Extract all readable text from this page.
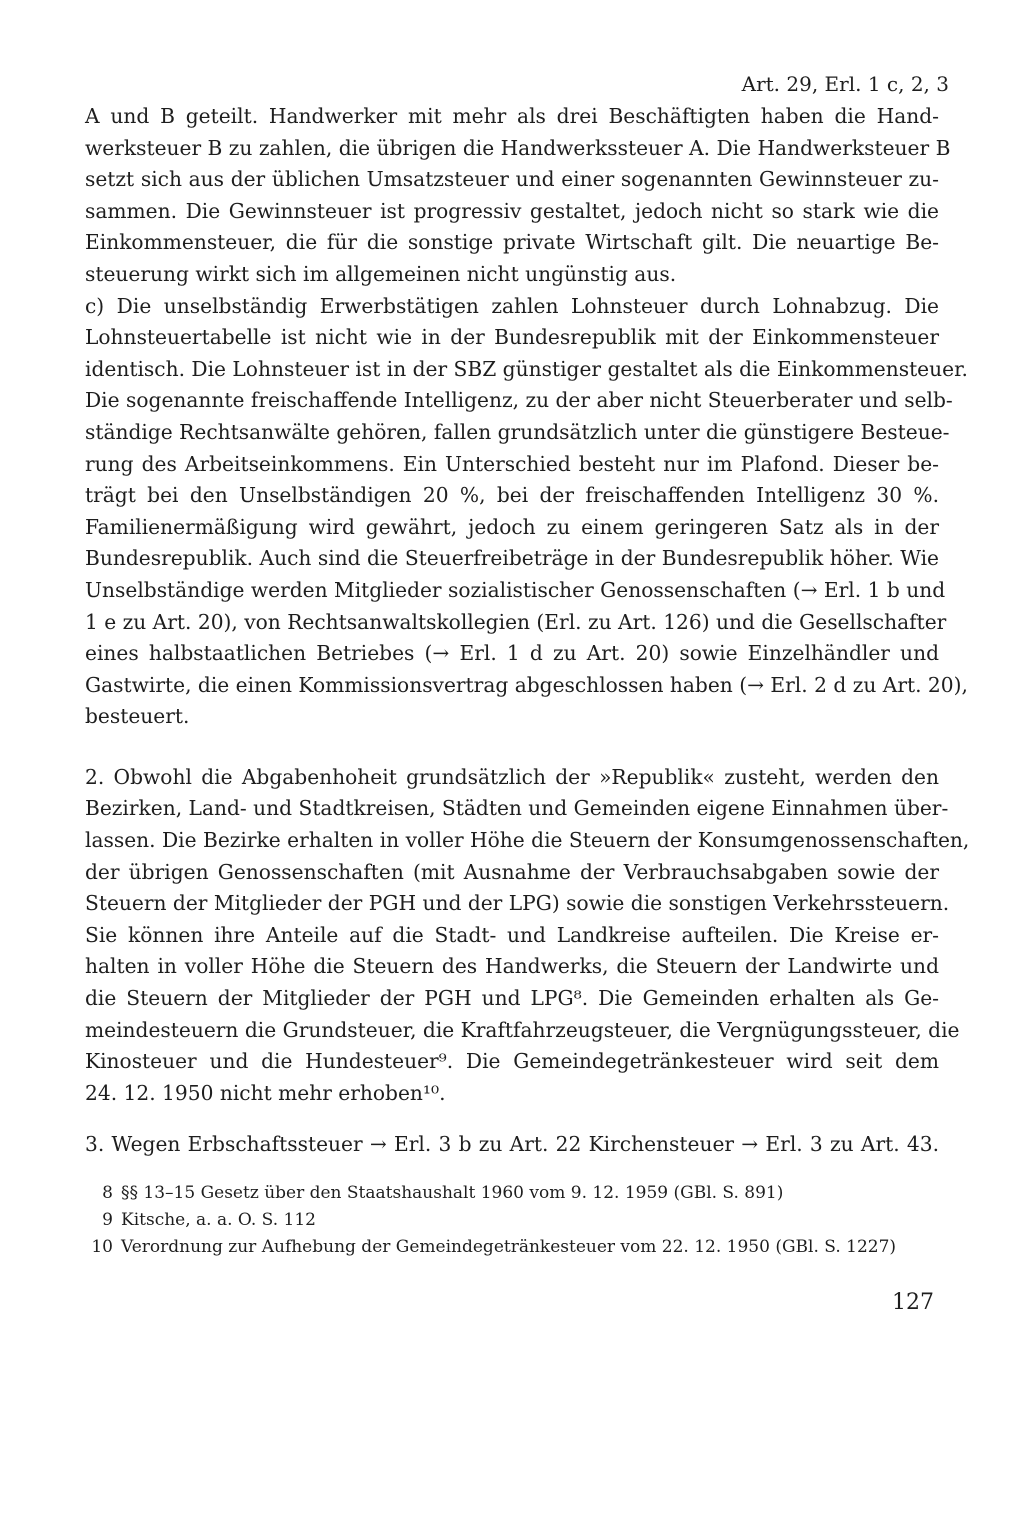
Art. 29, Erl. 1 c, 2, 3
A und B geteilt. Handwerker mit mehr als drei Beschäftigten haben die Hand-
werksteuer B zu zahlen, die übrigen die Handwerkssteuer A. Die Handwerksteuer B
setzt sich aus der üblichen Umsatzsteuer und einer sogenannten Gewinnsteuer zu-
sammen. Die Gewinnsteuer ist progressiv gestaltet, jedoch nicht so stark wie die
Einkommensteuer, die für die sonstige private Wirtschaft gilt. Die neuartige Be-
steuerung wirkt sich im allgemeinen nicht ungünstig aus.
c) Die unselbständig Erwerbstätigen zahlen Lohnsteuer durch Lohnabzug. Die
Lohnsteuertabelle ist nicht wie in der Bundesrepublik mit der Einkommensteuer
identisch. Die Lohnsteuer ist in der SBZ günstiger gestaltet als die Einkommensteuer.
Die sogenannte freischaffende Intelligenz, zu der aber nicht Steuerberater und selb-
ständige Rechtsanwälte gehören, fallen grundsätzlich unter die günstigere Besteue-
rung des Arbeitseinkommens. Ein Unterschied besteht nur im Plafond. Dieser be-
trägt bei den Unselbständigen 20 %, bei der freischaffenden Intelligenz 30 %.
Familienermäßigung wird gewährt, jedoch zu einem geringeren Satz als in der
Bundesrepublik. Auch sind die Steuerfreibeträge in der Bundesrepublik höher. Wie
Unselbständige werden Mitglieder sozialistischer Genossenschaften (→ Erl. 1 b und
1 e zu Art. 20), von Rechtsanwaltskollegien (Erl. zu Art. 126) und die Gesellschafter
eines halbstaatlichen Betriebes (→ Erl. 1 d zu Art. 20) sowie Einzelhändler und
Gastwirte, die einen Kommissionsvertrag abgeschlossen haben (→ Erl. 2 d zu Art. 20),
besteuert.
2. Obwohl die Abgabenhoheit grundsätzlich der »Republik« zusteht, werden den
Bezirken, Land- und Stadtkreisen, Städten und Gemeinden eigene Einnahmen über-
lassen. Die Bezirke erhalten in voller Höhe die Steuern der Konsumgenossenschaften,
der übrigen Genossenschaften (mit Ausnahme der Verbrauchsabgaben sowie der
Steuern der Mitglieder der PGH und der LPG) sowie die sonstigen Verkehrssteuern.
Sie können ihre Anteile auf die Stadt- und Landkreise aufteilen. Die Kreise er-
halten in voller Höhe die Steuern des Handwerks, die Steuern der Landwirte und
die Steuern der Mitglieder der PGH und LPG⁸. Die Gemeinden erhalten als Ge-
meindesteuern die Grundsteuer, die Kraftfahrzeugsteuer, die Vergnügungssteuer, die
Kinosteuer und die Hundesteuer⁹. Die Gemeindegetränkesteuer wird seit dem
24. 12. 1950 nicht mehr erhoben¹⁰.
3. Wegen Erbschaftssteuer → Erl. 3 b zu Art. 22 Kirchensteuer → Erl. 3 zu Art. 43.
8 §§ 13–15 Gesetz über den Staatshaushalt 1960 vom 9. 12. 1959 (GBl. S. 891)
9 Kitsche, a. a. O. S. 112
10 Verordnung zur Aufhebung der Gemeindegetränkesteuer vom 22. 12. 1950 (GBl. S. 1227)
127
